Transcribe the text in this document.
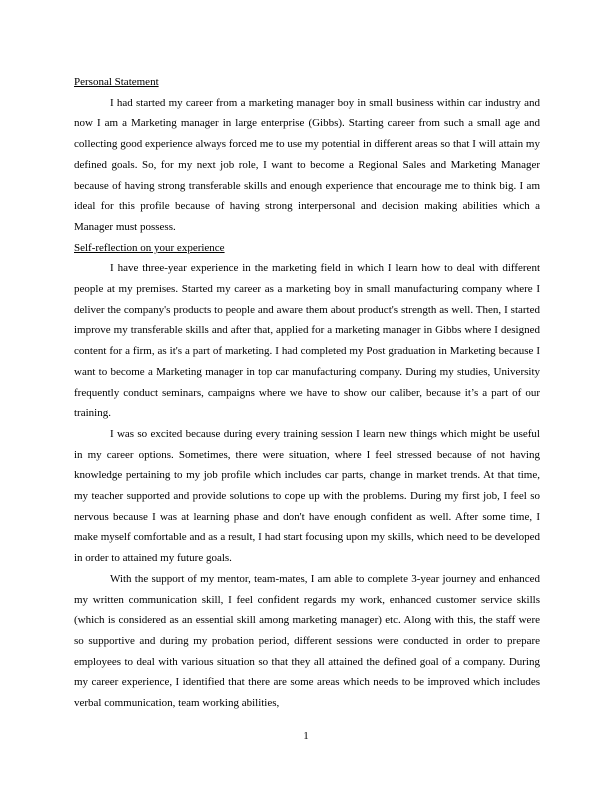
Personal Statement

I had started my career from a marketing manager boy in small business within car industry and now I am a Marketing manager in large enterprise (Gibbs). Starting career from such a small age and collecting good experience always forced me to use my potential in different areas so that I will attain my defined goals. So, for my next job role, I want to become a Regional Sales and Marketing Manager because of having strong transferable skills and enough experience that encourage me to think big. I am ideal for this profile because of having strong interpersonal and decision making abilities which a Manager must possess.

Self-reflection on your experience

I have three-year experience in the marketing field in which I learn how to deal with different people at my premises. Started my career as a marketing boy in small manufacturing company where I deliver the company's products to people and aware them about product's strength as well. Then, I started improve my transferable skills and after that, applied for a marketing manager in Gibbs where I designed content for a firm, as it's a part of marketing. I had completed my Post graduation in Marketing because I want to become a Marketing manager in top car manufacturing company. During my studies, University frequently conduct seminars, campaigns where we have to show our caliber, because it’s a part of our training.

I was so excited because during every training session I learn new things which might be useful in my career options. Sometimes, there were situation, where I feel stressed because of not having knowledge pertaining to my job profile which includes car parts, change in market trends. At that time, my teacher supported and provide solutions to cope up with the problems. During my first job, I feel so nervous because I was at learning phase and don't have enough confident as well. After some time, I make myself comfortable and as a result, I had start focusing upon my skills, which need to be developed in order to attained my future goals.

With the support of my mentor, team-mates, I am able to complete 3-year journey and enhanced my written communication skill, I feel confident regards my work, enhanced customer service skills (which is considered as an essential skill among marketing manager) etc. Along with this, the staff were so supportive and during my probation period, different sessions were conducted in order to prepare employees to deal with various situation so that they all attained the defined goal of a company. During my career experience, I identified that there are some areas which needs to be improved which includes verbal communication, team working abilities,

1
